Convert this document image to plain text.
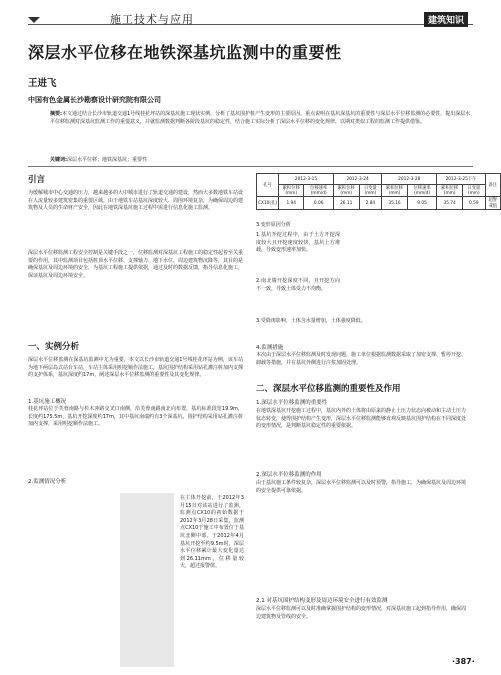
施工技术与应用	建筑知识
深层水平位移在地铁深基坑监测中的重要性
王进飞
中国有色金属长沙勘察设计研究院有限公司
摘要:本文通过结合长沙市轨道交通1号线桂花坪站的深基坑施工现状实例，分析了基坑围护桩产生变形的主要原因，重点说明在基坑深基坑的重要性与深层水平位移监测的必要性，提出深层水平位移监测对深基坑监测工作的重要意义，并就监测数据判断各阶段基坑的稳定性，结合施工实际分析了深层水平位移的变化规律，以期对类似工程的监测工作提供借鉴。
关键词:深层水平位移；地铁深基坑；重要性
引言
为缓解城市中心交通的压力，越来越多的大中城市进行了轨道交通的建设，然而大多数地铁车站设在人流量较多建筑密集的重要区域，由于地铁车站基坑深度较大、周围环境复杂，为确保周边的建筑物及人员的生命财产安全，因此在地铁深基坑施工过程中需进行信息化施工监测。
深层水平位移监测工程安全控制是关键手段之一，位移监测对深基坑工程施工的稳定性起着至关重要的作用，其中监测项目包括桩顶水平位移、支撑轴力、地下水位、周边建筑物沉降等，其目的是确保基坑及周边环境的安全，为基坑工程施工提供依据，通过及时的数据反馈，指导信息化施工，保证基坑及周边环境安全。
一、实例分析
深层水平位移监测在深基坑监测中尤为重要，本文以长沙市轨道交通1号线桂花坪站为例，该车站为地下两层岛式站台车站，车站主体采用明挖顺作法施工，基坑围护结构采用钻孔灌注桩加内支撑的支护体系，基坑深度约17m，阐述深层水平位移监测的重要性及其变化规律。
1.基坑施工概况
桂花坪站位于芙蓉南路与杉木冲路交叉口南侧，沿芙蓉南路南北向布置，基坑标准段宽19.9m，长度约175.5m，基坑开挖深度约17m，其中基坑南端约有3个深基坑，围护结构采用钻孔灌注桩加内支撑，采用明挖顺作法施工。
2.监测情况分析
在主体开挖前，于2012年3月15日对该站进行了监测，监测点CX10的初始数据于2012年3月28日采集，监测点CX10于施工中布置位于基坑北侧中部，于2012年4月基坑开挖至约9.5m时，深层水平位移累计最大变化量达到26.11mm，位移量较大，超过报警值。
孔号	2012-3-15		2012-3-24		2012-3-28		2012-3-25下午		备注
	累积位移(mm)	位移速率(mm/d)	累积位移(mm)	日变量(mm)	累积位移(mm)	位移速率(mm/d)	累积位移(mm)	日变量(mm)	
CX10(孔)	1.94	0.06	26.11	2.84	35.16	9.05	35.74	0.59	超警戒值
3.变形原因分析
1.基坑开挖过程中，由于土方开挖深度较大且开挖速度较快，基坑上方堆载，导致变形速率加快。
2.南北墙开挖深度不同，且开挖方向不一致，导致土体受力不均衡。
3.受降雨影响，土体含水量增加，土体强度降低。
4.监测措施
本次由于深层水平位移监测及时发现问题，施工单位根据监测数据采取了加密支撑、暂停开挖、卸载等措施，并在基坑外侧进行注浆加固处理。
二、深层水平位移监测的重要性及作用
1.深层水平位移监测的重要性
在地铁深基坑开挖施工过程中，基坑内外的土体将由原来的静止土压力状态向被动和主动土压力状态转变，使得围护结构产生变形，深层水平位移监测能够直观反映基坑围护结构在不同深度处的变形情况，是判断基坑稳定性的重要依据。
2.深层水平位移监测的作用
由于基坑施工条件较复杂，深层水平位移监测可以及时预警，指导施工，为确保基坑及周边环境的安全提供可靠依据。
2.1 对基坑围护结构变形及周边环境安全进行有效监测
深层水平位移监测可以及时准确掌握围护结构的变形情况，对深基坑施工起到指导作用，确保周边建筑物及管线的安全。
·387·
